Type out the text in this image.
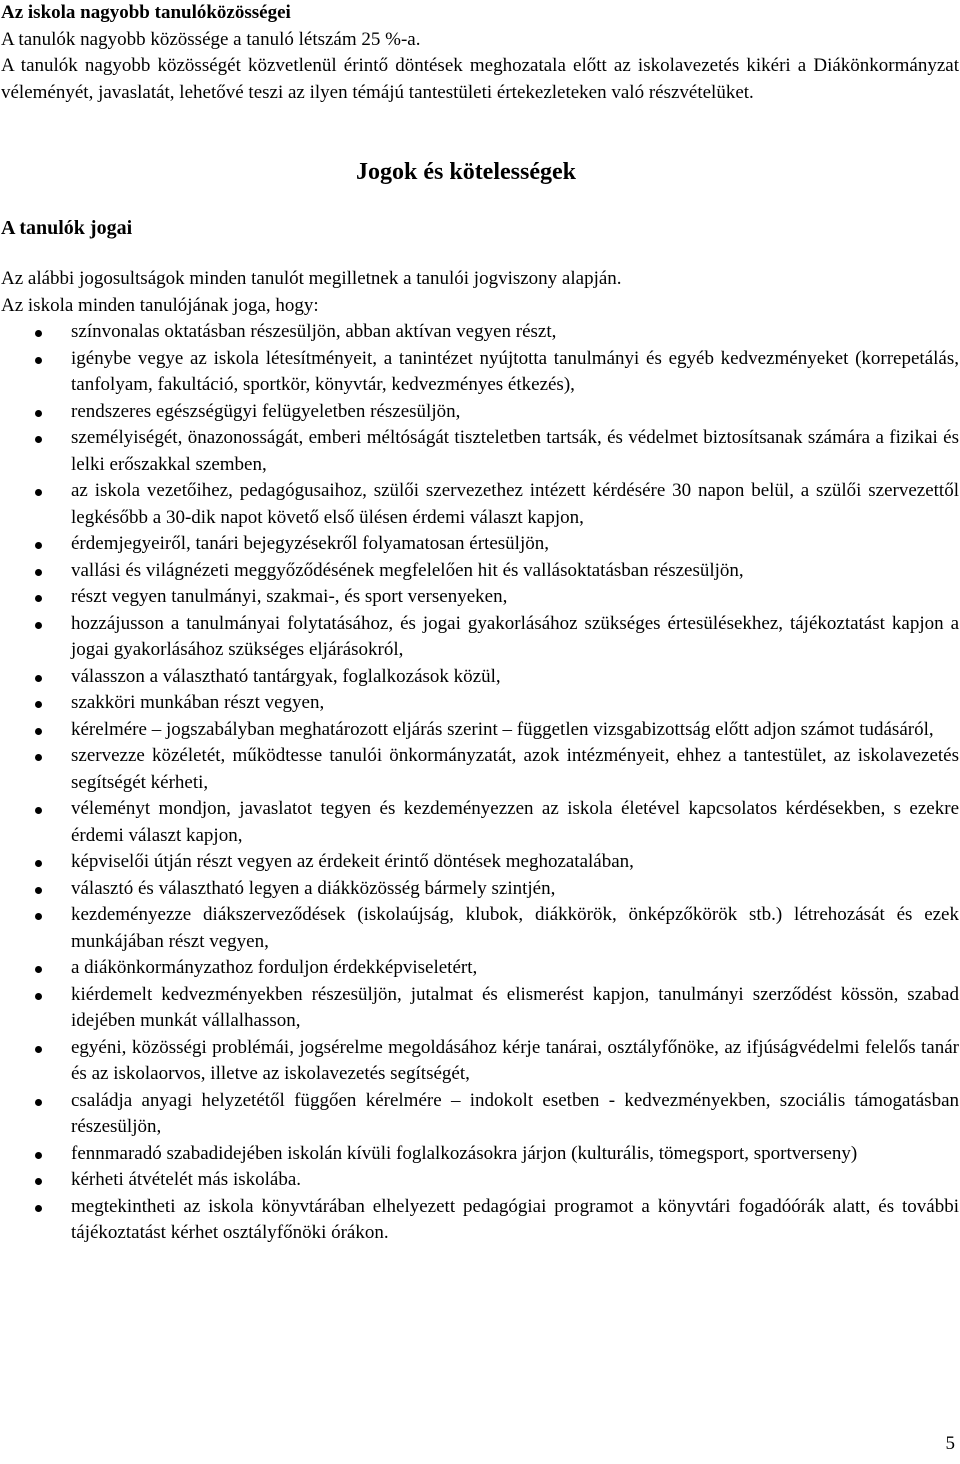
Az iskola nagyobb tanulóközösségei

A tanulók nagyobb közössége a tanuló létszám 25 %-a.

A tanulók nagyobb közösségét közvetlenül érintő döntések meghozatala előtt az iskolavezetés kikéri a Diákönkormányzat véleményét, javaslatát, lehetővé teszi az ilyen témájú tantestületi értekezleteken való részvételüket.

Jogok és kötelességek

A tanulók jogai

Az alábbi jogosultságok minden tanulót megilletnek a tanulói jogviszony alapján.

Az iskola minden tanulójának joga, hogy:

színvonalas oktatásban részesüljön, abban aktívan vegyen részt,
igénybe vegye az iskola létesítményeit, a tanintézet nyújtotta tanulmányi és egyéb kedvezményeket (korrepetálás, tanfolyam, fakultáció, sportkör, könyvtár, kedvezményes étkezés),
rendszeres egészségügyi felügyeletben részesüljön,
személyiségét, önazonosságát, emberi méltóságát tiszteletben tartsák, és védelmet biztosítsanak számára a fizikai és lelki erőszakkal szemben,
az iskola vezetőihez, pedagógusaihoz, szülői szervezethez intézett kérdésére 30 napon belül, a szülői szervezettől legkésőbb a 30-dik napot követő első ülésen érdemi választ kapjon,
érdemjegyeiről, tanári bejegyzésekről folyamatosan értesüljön,
vallási és világnézeti meggyőződésének megfelelően hit és vallásoktatásban részesüljön,
részt vegyen tanulmányi, szakmai-, és sport versenyeken,
hozzájusson a tanulmányai folytatásához, és jogai gyakorlásához szükséges értesülésekhez, tájékoztatást kapjon a jogai gyakorlásához szükséges eljárásokról,
válasszon a választható tantárgyak, foglalkozások közül,
szakköri munkában részt vegyen,
kérelmére – jogszabályban meghatározott eljárás szerint – független vizsgabizottság előtt adjon számot tudásáról,
szervezze közéletét, működtesse tanulói önkormányzatát, azok intézményeit, ehhez a tantestület, az iskolavezetés segítségét kérheti,
véleményt mondjon, javaslatot tegyen és kezdeményezzen az iskola életével kapcsolatos kérdésekben, s ezekre érdemi választ kapjon,
képviselői útján részt vegyen az érdekeit érintő döntések meghozatalában,
választó és választható legyen a diákközösség bármely szintjén,
kezdeményezze diákszerveződések (iskolaújság, klubok, diákkörök, önképzőkörök stb.) létrehozását és ezek munkájában részt vegyen,
a diákönkormányzathoz forduljon érdekképviseletért,
kiérdemelt kedvezményekben részesüljön, jutalmat és elismerést kapjon, tanulmányi szerződést kössön, szabad idejében munkát vállalhasson,
egyéni, közösségi problémái, jogsérelme megoldásához kérje tanárai, osztályfőnöke, az ifjúságvédelmi felelős tanár és az iskolaorvos, illetve az iskolavezetés segítségét,
családja anyagi helyzetétől függően kérelmére – indokolt esetben - kedvezményekben, szociális támogatásban részesüljön,
fennmaradó szabadidejében iskolán kívüli foglalkozásokra járjon (kulturális, tömegsport, sportverseny)
kérheti átvételét más iskolába.
megtekintheti az iskola könyvtárában elhelyezett pedagógiai programot a könyvtári fogadóórák alatt, és további tájékoztatást kérhet osztályfőnöki órákon.

5
